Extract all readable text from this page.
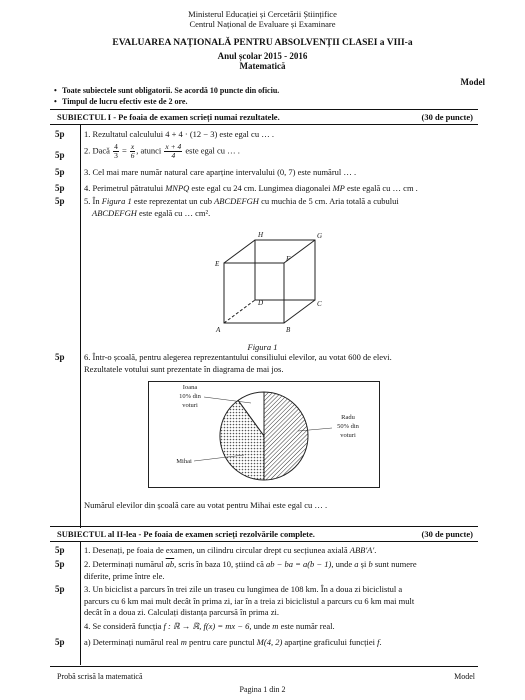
Ministerul Educației și Cercetării Științifice
Centrul Național de Evaluare și Examinare
EVALUAREA NAȚIONALĂ PENTRU ABSOLVENȚII CLASEI a VIII-a
Anul școlar 2015 - 2016
Matematică
Model
• Toate subiectele sunt obligatorii. Se acordă 10 puncte din oficiu.
• Timpul de lucru efectiv este de 2 ore.
SUBIECTUL I - Pe foaia de examen scrieți numai rezultatele.	(30 de puncte)
5p 1. Rezultatul calculului 4 + 4 · (12 − 3) este egal cu … .
5p 2. Dacă $\frac{4}{3} = \frac{x}{6}$ , atunci $\frac{x + 4}{4}$ este egal cu … .
5p 3. Cel mai mare număr natural care aparține intervalului (0, 7) este numărul … .
5p 4. Perimetrul pătratului MNPQ este egal cu 24 cm. Lungimea diagonalei MP este egală cu … cm .
5p 5. În Figura 1 este reprezentat un cub ABCDEFGH cu muchia de 5 cm. Aria totală a cubului
ABCDEFGH este egală cu … cm².
A	B
C
D
E
F
G
H
Figura 1
5p 6. Într-o școală, pentru alegerea reprezentantului consiliului elevilor, au votat 600 de elevi.
Rezultatele votului sunt prezentate în diagrama de mai jos.
Ioana
10% din
voturi
Radu
50% din
voturi
Mihai
Numărul elevilor din școală care au votat pentru Mihai este egal cu … .
SUBIECTUL al II-lea - Pe foaia de examen scrieți rezolvările complete.	(30 de puncte)
5p 1. Desenați, pe foaia de examen, un cilindru circular drept cu secțiunea axială ABB′A′.
5p 2. Determinați numărul $\overline{ab}$, scris în baza 10, știind că ab − ba = a(b − 1), unde a și b sunt numere
diferite, prime între ele.
5p 3. Un biciclist a parcurs în trei zile un traseu cu lungimea de 108 km. În a doua zi biciclistul a
parcurs cu 6 km mai mult decât în prima zi, iar în a treia zi biciclistul a parcurs cu 6 km mai mult
decât în a doua zi. Calculați distanța parcursă în prima zi.
4. Se consideră funcția f : ℝ → ℝ, f(x) = mx − 6, unde m este număr real.
5p a) Determinați numărul real m pentru care punctul M(4, 2) aparține graficului funcției f.
Probă scrisă la matematică	Model
Pagina 1 din 2
